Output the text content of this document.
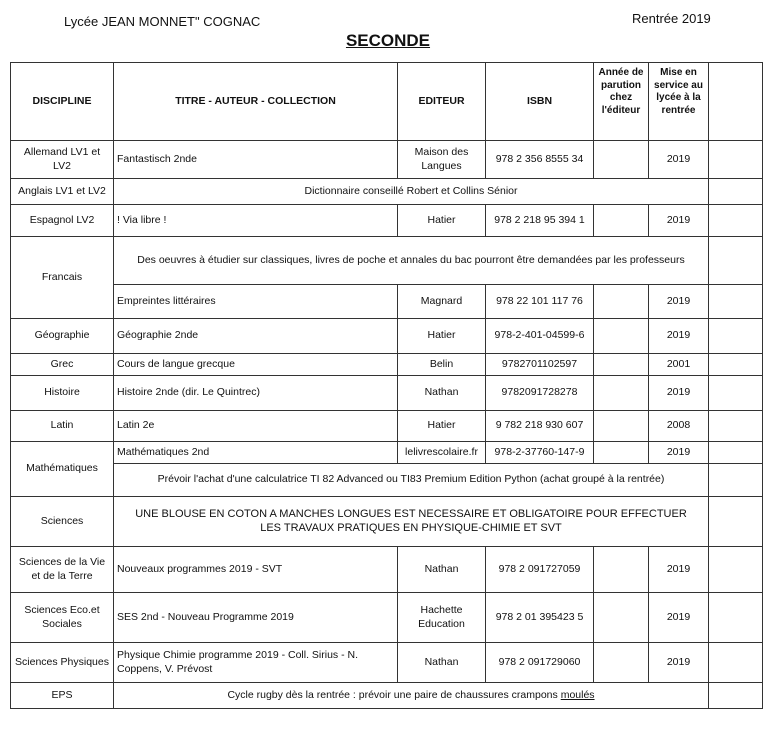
Lycée JEAN MONNET" COGNAC	Rentrée 2019
SECONDE
DISCIPLINE	TITRE - AUTEUR - COLLECTION	EDITEUR	ISBN	Année de parution chez l'éditeur	Mise en service au lycée à la rentrée	
Allemand LV1 et LV2	Fantastisch 2nde	Maison des Langues	978 2 356 8555 34		2019	
Anglais LV1 et LV2	Dictionnaire conseillé Robert et Collins Sénior					
Espagnol LV2	! Via libre !	Hatier	978 2 218 95 394 1		2019	
Francais	Des oeuvres à étudier sur classiques, livres de poche et annales du bac pourront être demandées par les professeurs					
	Empreintes littéraires	Magnard	978 22 101 117 76		2019	
Géographie	Géographie 2nde	Hatier	978-2-401-04599-6		2019	
Grec	Cours de langue grecque	Belin	9782701102597		2001	
Histoire	Histoire 2nde (dir. Le Quintrec)	Nathan	9782091728278		2019	
Latin	Latin 2e	Hatier	9 782 218 930 607		2008	
Mathématiques	Mathématiques 2nd	lelivrescolaire.fr	978-2-37760-147-9		2019	
	Prévoir l'achat d'une calculatrice TI 82 Advanced ou TI83 Premium Edition Python (achat groupé à la rentrée)					
Sciences	UNE BLOUSE EN COTON A MANCHES LONGUES EST NECESSAIRE ET OBLIGATOIRE POUR EFFECTUER LES TRAVAUX PRATIQUES EN PHYSIQUE-CHIMIE ET SVT					
Sciences de la Vie et de la Terre	Nouveaux programmes 2019 - SVT	Nathan	978 2 091727059		2019	
Sciences Eco.et Sociales	SES 2nd - Nouveau Programme 2019	Hachette Education	978 2 01 395423 5		2019	
Sciences Physiques	Physique Chimie programme 2019 - Coll. Sirius - N. Coppens, V. Prévost	Nathan	978 2 091729060		2019	
EPS	Cycle rugby dès la rentrée : prévoir une paire de chaussures crampons moulés					
